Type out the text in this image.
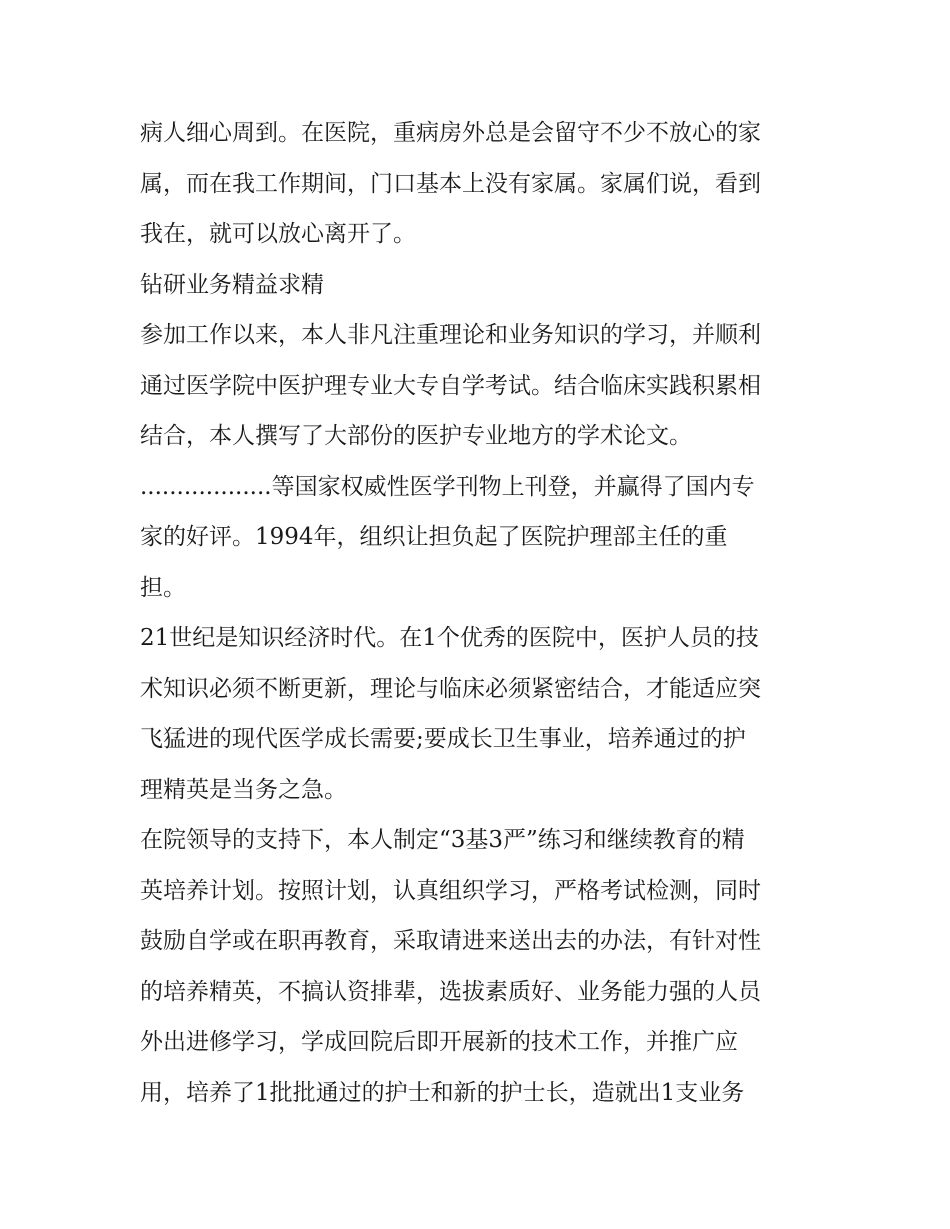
病人细心周到。在医院，重病房外总是会留守不少不放心的家
属，而在我工作期间，门口基本上没有家属。家属们说，看到
我在，就可以放心离开了。
钻研业务精益求精
参加工作以来，本人非凡注重理论和业务知识的学习，并顺利
通过医学院中医护理专业大专自学考试。结合临床实践积累相
结合，本人撰写了大部份的医护专业地方的学术论文。
..................等国家权威性医学刊物上刊登，并赢得了国内专
家的好评。1994年，组织让担负起了医院护理部主任的重
担。
21世纪是知识经济时代。在1个优秀的医院中，医护人员的技
术知识必须不断更新，理论与临床必须紧密结合，才能适应突
飞猛进的现代医学成长需要;要成长卫生事业，培养通过的护
理精英是当务之急。
在院领导的支持下，本人制定“3基3严”练习和继续教育的精
英培养计划。按照计划，认真组织学习，严格考试检测，同时
鼓励自学或在职再教育，采取请进来送出去的办法，有针对性
的培养精英，不搞认资排辈，选拔素质好、业务能力强的人员
外出进修学习，学成回院后即开展新的技术工作，并推广应
用，培养了1批批通过的护士和新的护士长，造就出1支业务
